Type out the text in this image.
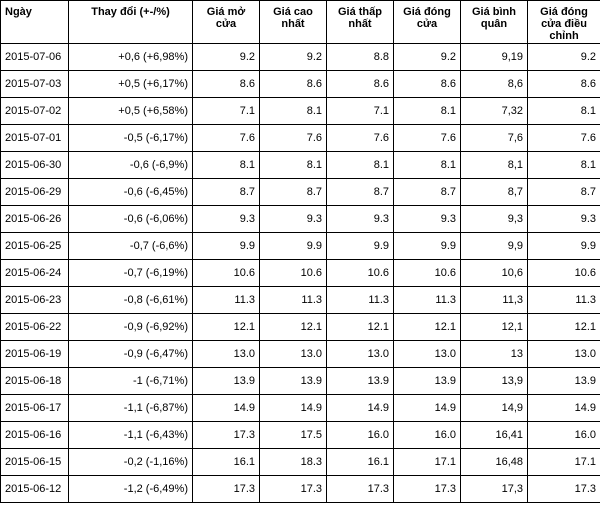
Ngày	Thay đổi (+-/%)	Giá mở cửa	Giá cao nhất	Giá thấp nhất	Giá đóng cửa	Giá bình quân	Giá đóng cửa điều chỉnh
2015-07-06	+0,6 (+6,98%)	9.2	9.2	8.8	9.2	9,19	9.2
2015-07-03	+0,5 (+6,17%)	8.6	8.6	8.6	8.6	8,6	8.6
2015-07-02	+0,5 (+6,58%)	7.1	8.1	7.1	8.1	7,32	8.1
2015-07-01	-0,5 (-6,17%)	7.6	7.6	7.6	7.6	7,6	7.6
2015-06-30	-0,6 (-6,9%)	8.1	8.1	8.1	8.1	8,1	8.1
2015-06-29	-0,6 (-6,45%)	8.7	8.7	8.7	8.7	8,7	8.7
2015-06-26	-0,6 (-6,06%)	9.3	9.3	9.3	9.3	9,3	9.3
2015-06-25	-0,7 (-6,6%)	9.9	9.9	9.9	9.9	9,9	9.9
2015-06-24	-0,7 (-6,19%)	10.6	10.6	10.6	10.6	10,6	10.6
2015-06-23	-0,8 (-6,61%)	11.3	11.3	11.3	11.3	11,3	11.3
2015-06-22	-0,9 (-6,92%)	12.1	12.1	12.1	12.1	12,1	12.1
2015-06-19	-0,9 (-6,47%)	13.0	13.0	13.0	13.0	13	13.0
2015-06-18	-1 (-6,71%)	13.9	13.9	13.9	13.9	13,9	13.9
2015-06-17	-1,1 (-6,87%)	14.9	14.9	14.9	14.9	14,9	14.9
2015-06-16	-1,1 (-6,43%)	17.3	17.5	16.0	16.0	16,41	16.0
2015-06-15	-0,2 (-1,16%)	16.1	18.3	16.1	17.1	16,48	17.1
2015-06-12	-1,2 (-6,49%)	17.3	17.3	17.3	17.3	17,3	17.3
